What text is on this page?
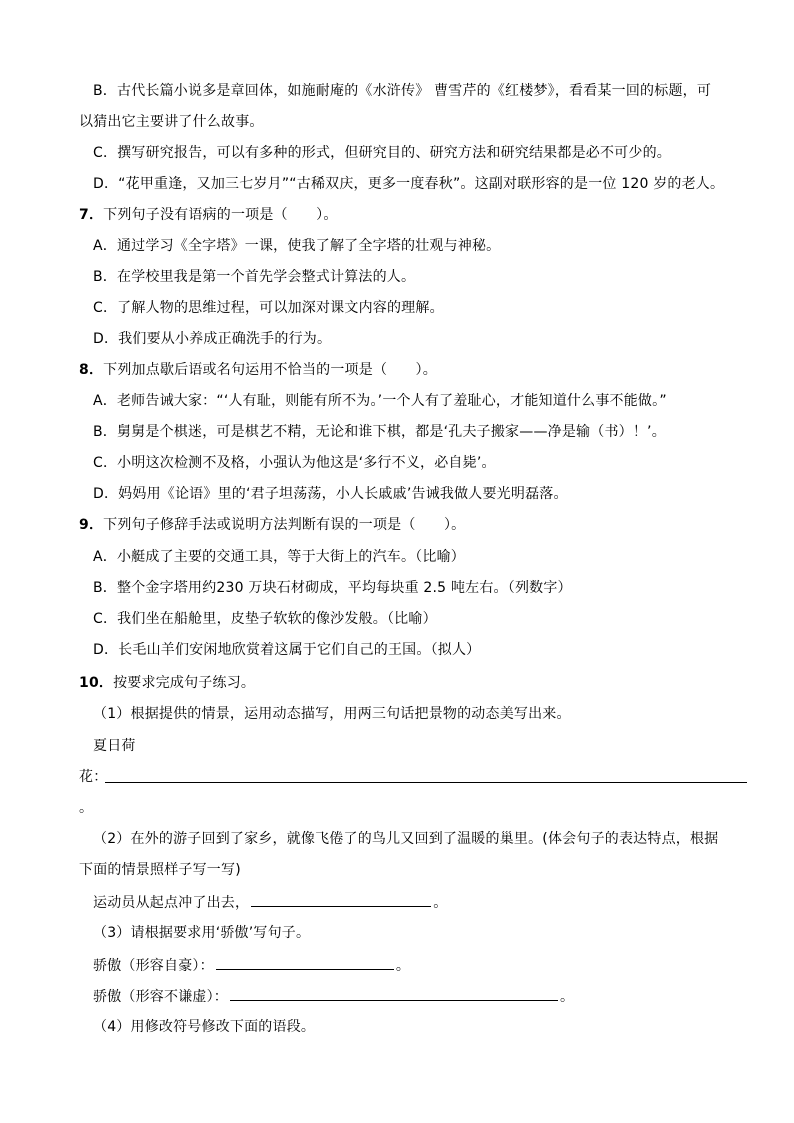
B．古代长篇小说多是章回体，如施耐庵的《水浒传》 曹雪芹的《红楼梦》，看看某一回的标题，可
以猜出它主要讲了什么故事。
C．撰写研究报告，可以有多种的形式，但研究目的、研究方法和研究结果都是必不可少的。
D．“花甲重逢，又加三七岁月”“古稀双庆，更多一度春秋”。这副对联形容的是一位 120 岁的老人。
7．下列句子没有语病的一项是（　　）。
A．通过学习《全字塔》一课，使我了解了全字塔的壮观与神秘。
B．在学校里我是第一个首先学会整式计算法的人。
C．了解人物的思维过程，可以加深对课文内容的理解。
D．我们要从小养成正确洗手的行为。
8．下列加点歇后语或名句运用不恰当的一项是（　　）。
A．老师告诫大家：“‘人有耻，则能有所不为。’一个人有了羞耻心，才能知道什么事不能做。”
B．舅舅是个棋迷，可是棋艺不精，无论和谁下棋，都是‘孔夫子搬家——净是输（书）！’。
C．小明这次检测不及格，小强认为他这是‘多行不义，必自毙’。
D．妈妈用《论语》里的‘君子坦荡荡，小人长戚戚’告诫我做人要光明磊落。
9．下列句子修辞手法或说明方法判断有误的一项是（　　）。
A．小艇成了主要的交通工具，等于大街上的汽车。（比喻）
B．整个金字塔用约230 万块石材砌成，平均每块重 2.5 吨左右。（列数字）
C．我们坐在船舱里，皮垫子软软的像沙发般。（比喻）
D．长毛山羊们安闲地欣赏着这属于它们自己的王国。（拟人）
10．按要求完成句子练习。
（1）根据提供的情景，运用动态描写，用两三句话把景物的动态美写出来。
夏日荷
花：
。
（2）在外的游子回到了家乡，就像飞倦了的鸟儿又回到了温暖的巢里。(体会句子的表达特点，根据
下面的情景照样子写一写)
运动员从起点冲了出去，	。
（3）请根据要求用‘骄傲’写句子。
骄傲（形容自豪）：	。
骄傲（形容不谦虚）：	。
（4）用修改符号修改下面的语段。
